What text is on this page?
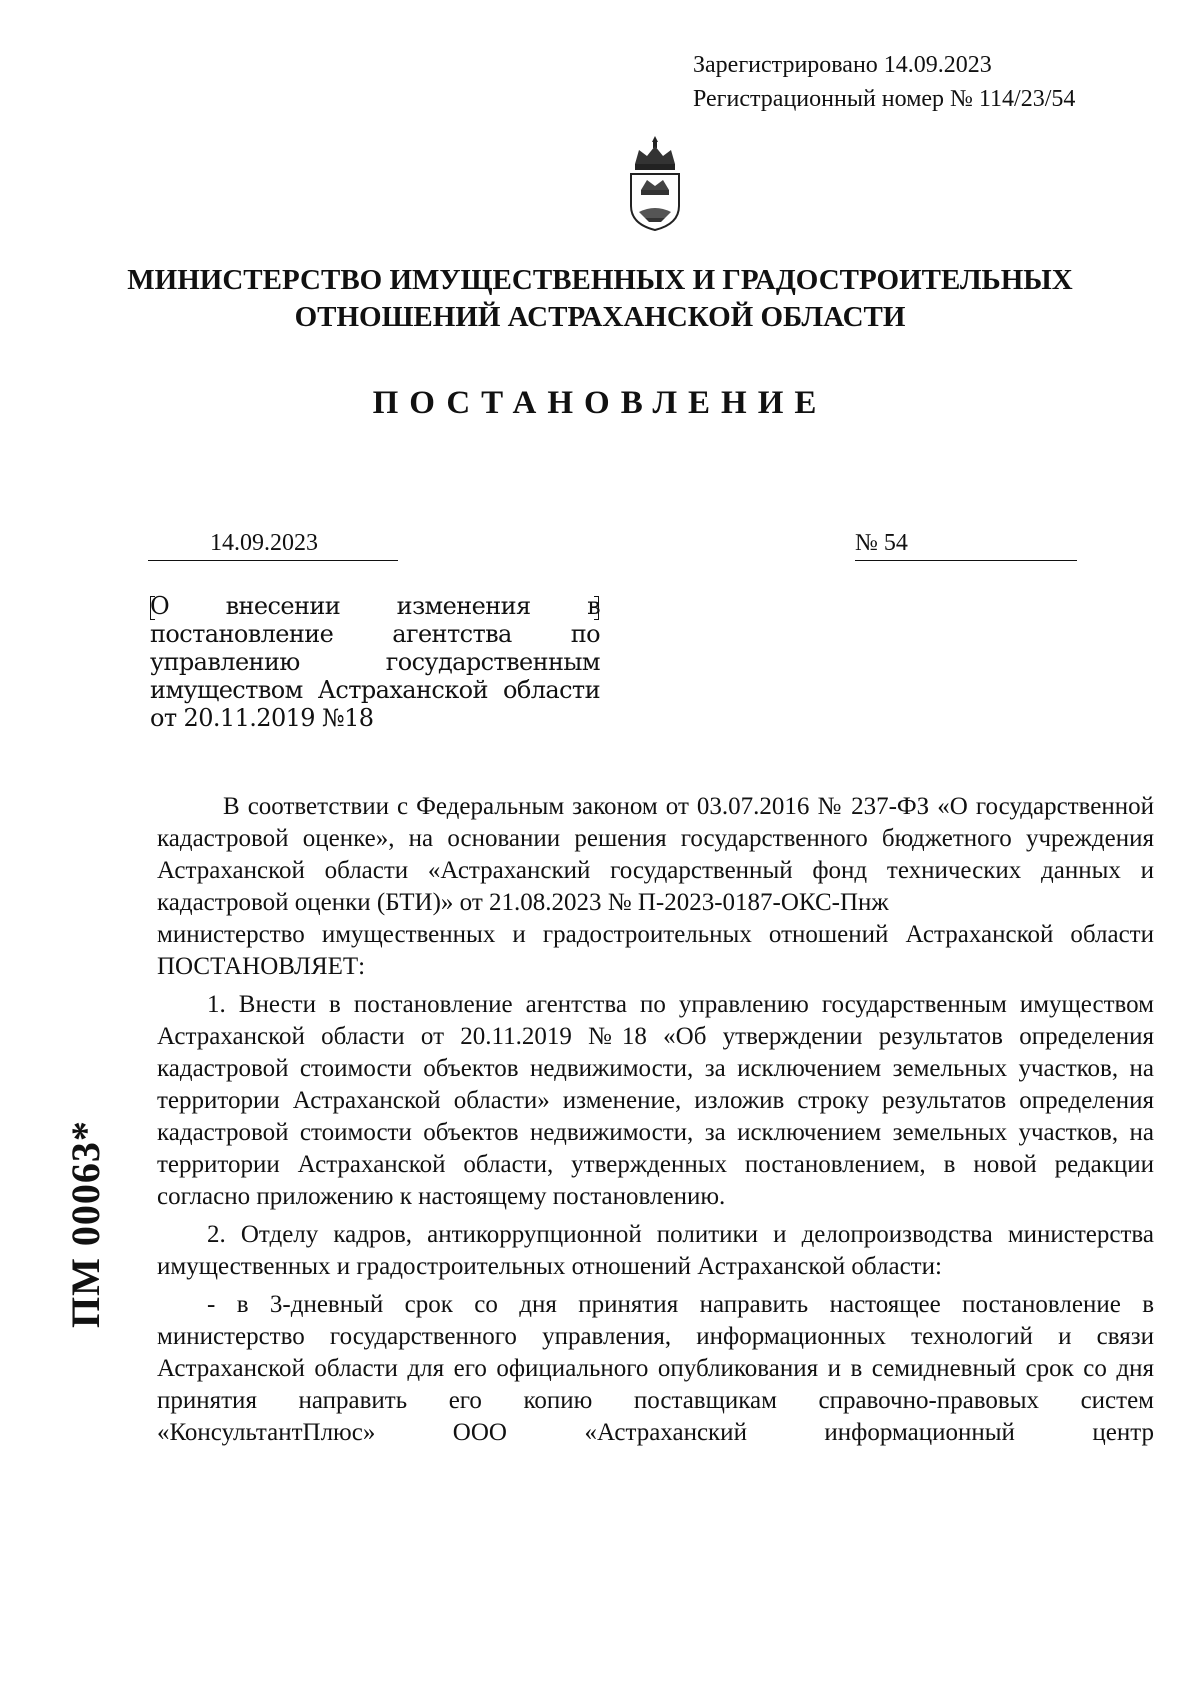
Зарегистрировано 14.09.2023
Регистрационный номер № 114/23/54
МИНИСТЕРСТВО ИМУЩЕСТВЕННЫХ И ГРАДОСТРОИТЕЛЬНЫХ
ОТНОШЕНИЙ АСТРАХАНСКОЙ ОБЛАСТИ
ПОСТАНОВЛЕНИЕ
14.09.2023	№ 54
О внесении изменения в постановление агентства по управлению государственным имуществом Астраханской области от 20.11.2019 №18

В соответствии с Федеральным законом от 03.07.2016 № 237-ФЗ «О государственной кадастровой оценке», на основании решения государственного бюджетного учреждения Астраханской области «Астраханский государственный фонд технических данных и кадастровой оценки (БТИ)» от 21.08.2023 № П-2023-0187-ОКС-Пнж

министерство имущественных и градостроительных отношений Астраханской области ПОСТАНОВЛЯЕТ:

1. Внести в постановление агентства по управлению государственным имуществом Астраханской области от 20.11.2019 №18 «Об утверждении результатов определения кадастровой стоимости объектов недвижимости, за исключением земельных участков, на территории Астраханской области» изменение, изложив строку результатов определения кадастровой стоимости объектов недвижимости, за исключением земельных участков, на территории Астраханской области, утвержденных постановлением, в новой редакции согласно приложению к настоящему постановлению.

2. Отделу кадров, антикоррупционной политики и делопроизводства министерства имущественных и градостроительных отношений Астраханской области:

- в 3-дневный срок со дня принятия направить настоящее постановление в министерство государственного управления, информационных технологий и связи Астраханской области для его официального опубликования и в семидневный срок со дня принятия направить его копию поставщикам справочно-правовых систем «КонсультантПлюс» ООО «Астраханский информационный центр

ПМ 00063*
